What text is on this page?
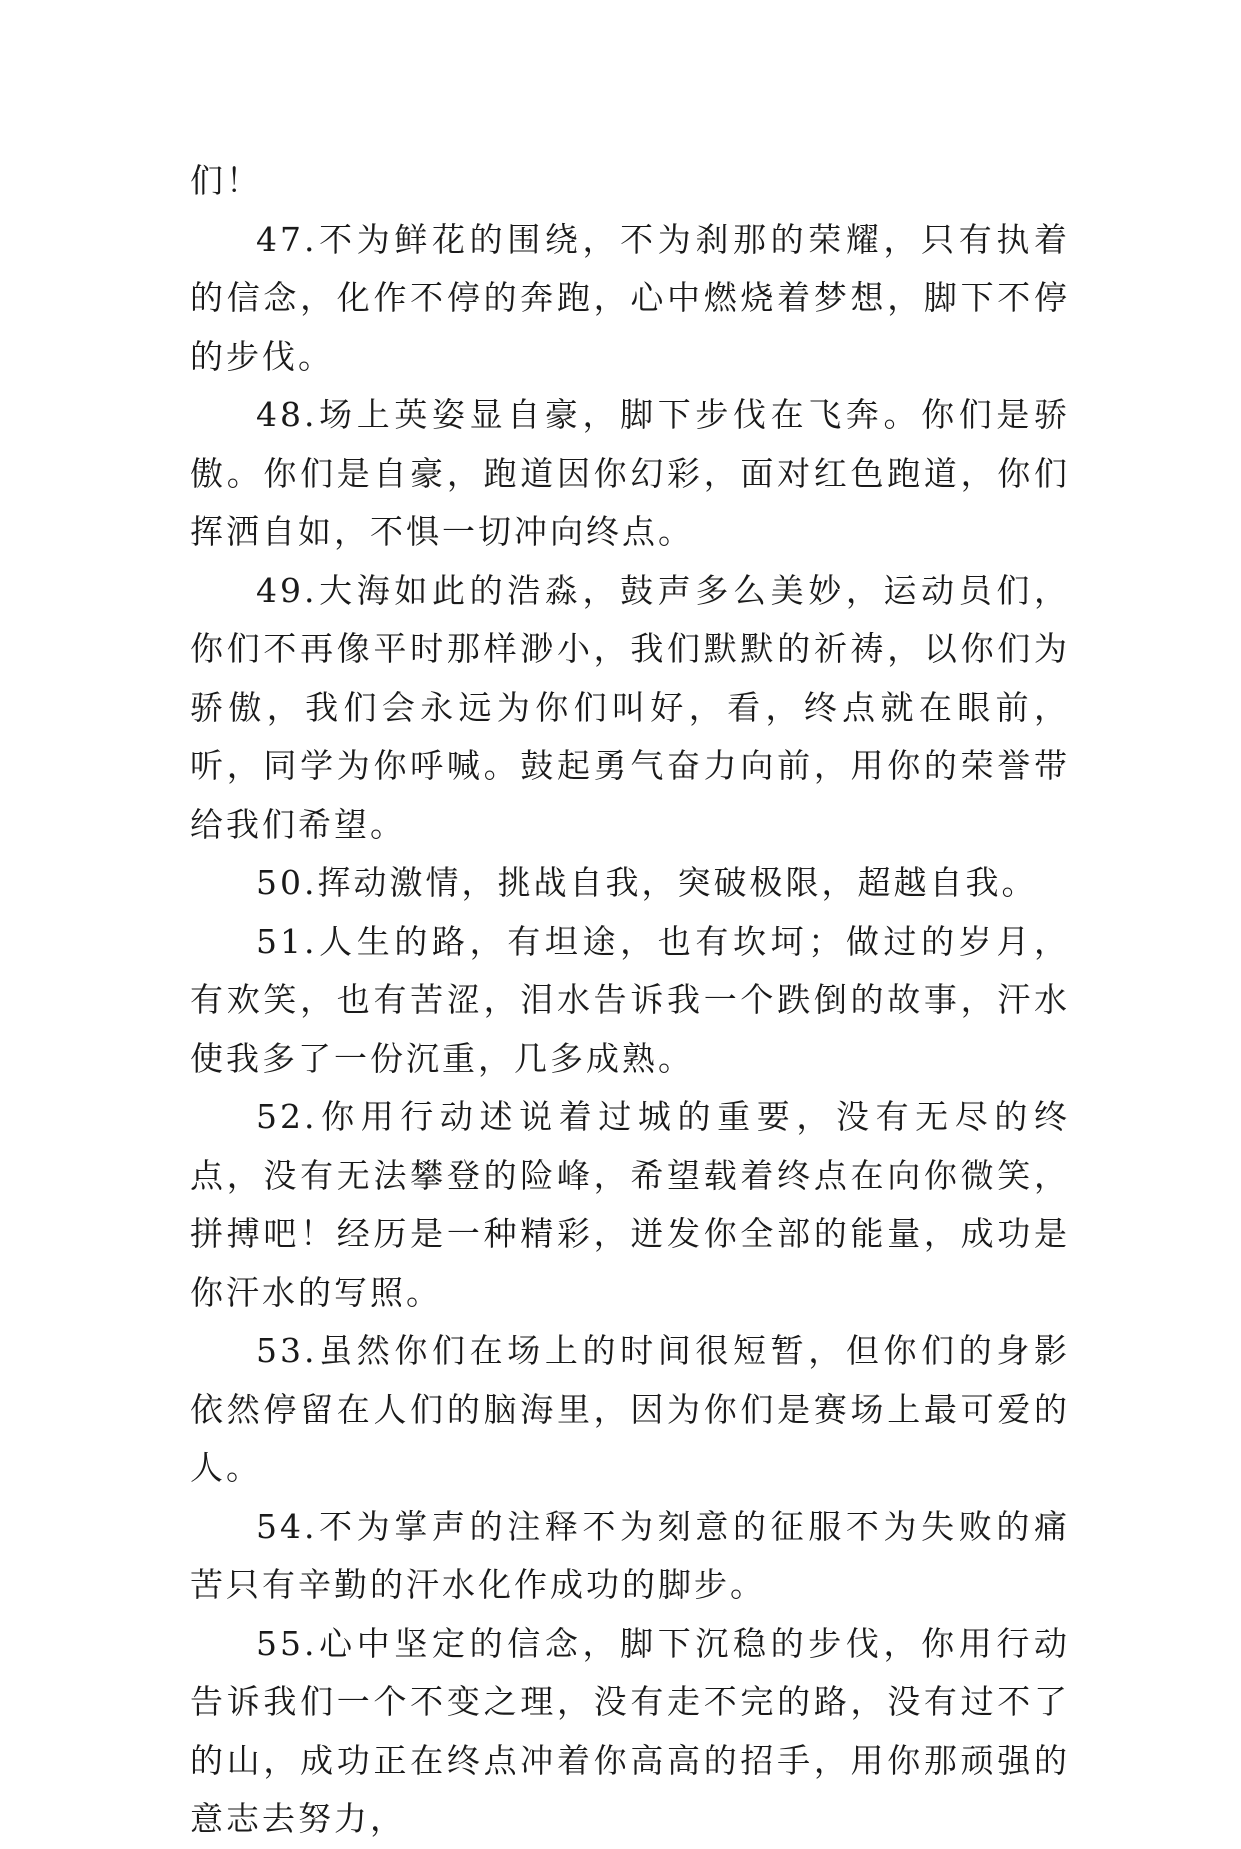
们！

47.不为鲜花的围绕，不为刹那的荣耀，只有执着的信念，化作不停的奔跑，心中燃烧着梦想，脚下不停的步伐。

48.场上英姿显自豪，脚下步伐在飞奔。你们是骄傲。你们是自豪，跑道因你幻彩，面对红色跑道，你们挥洒自如，不惧一切冲向终点。

49.大海如此的浩淼，鼓声多么美妙，运动员们，你们不再像平时那样渺小，我们默默的祈祷，以你们为骄傲，我们会永远为你们叫好，看，终点就在眼前，听，同学为你呼喊。鼓起勇气奋力向前，用你的荣誉带给我们希望。

50.挥动激情，挑战自我，突破极限，超越自我。

51.人生的路，有坦途，也有坎坷；做过的岁月，有欢笑，也有苦涩，泪水告诉我一个跌倒的故事，汗水使我多了一份沉重，几多成熟。

52.你用行动述说着过城的重要，没有无尽的终点，没有无法攀登的险峰，希望载着终点在向你微笑，拼搏吧！经历是一种精彩，迸发你全部的能量，成功是你汗水的写照。

53.虽然你们在场上的时间很短暂，但你们的身影依然停留在人们的脑海里，因为你们是赛场上最可爱的人。

54.不为掌声的注释不为刻意的征服不为失败的痛苦只有辛勤的汗水化作成功的脚步。

55.心中坚定的信念，脚下沉稳的步伐，你用行动告诉我们一个不变之理，没有走不完的路，没有过不了的山，成功正在终点冲着你高高的招手，用你那顽强的意志去努力，
